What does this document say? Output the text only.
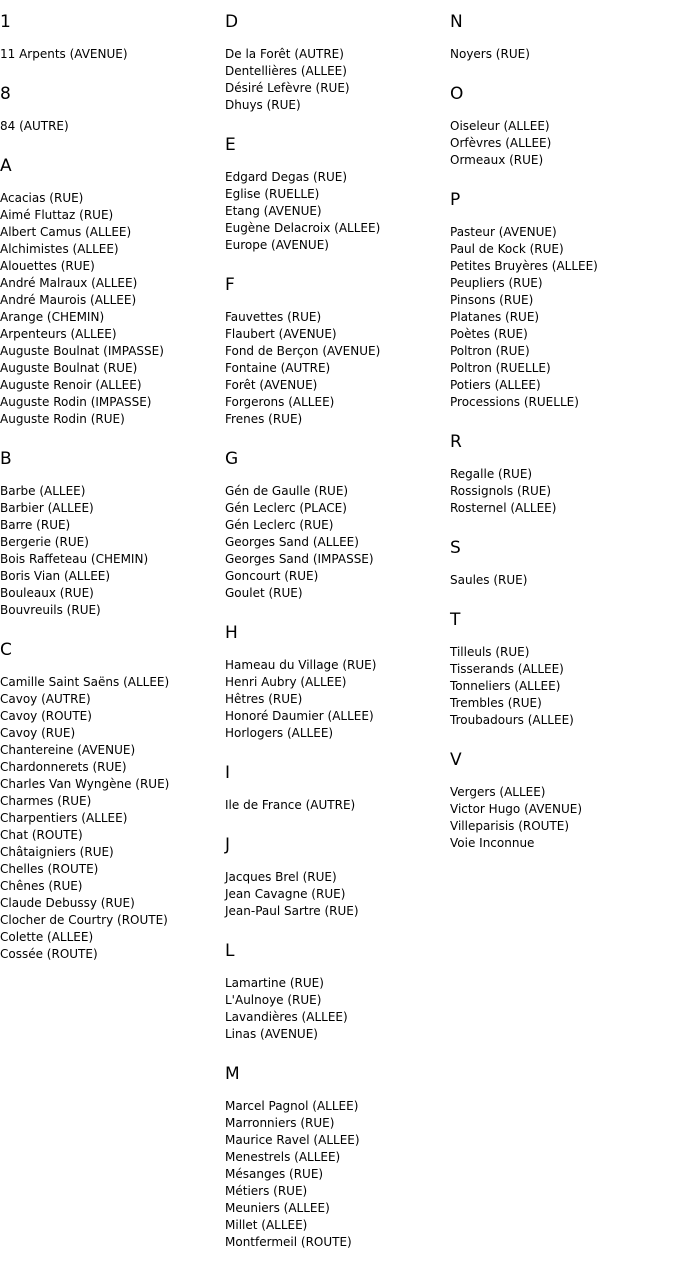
1
11 Arpents (AVENUE)
8
84 (AUTRE)
A
Acacias (RUE)
Aimé Fluttaz (RUE)
Albert Camus (ALLEE)
Alchimistes (ALLEE)
Alouettes (RUE)
André Malraux (ALLEE)
André Maurois (ALLEE)
Arange (CHEMIN)
Arpenteurs (ALLEE)
Auguste Boulnat (IMPASSE)
Auguste Boulnat (RUE)
Auguste Renoir (ALLEE)
Auguste Rodin (IMPASSE)
Auguste Rodin (RUE)
B
Barbe (ALLEE)
Barbier (ALLEE)
Barre (RUE)
Bergerie (RUE)
Bois Raffeteau (CHEMIN)
Boris Vian (ALLEE)
Bouleaux (RUE)
Bouvreuils (RUE)
C
Camille Saint Saëns (ALLEE)
Cavoy (AUTRE)
Cavoy (ROUTE)
Cavoy (RUE)
Chantereine (AVENUE)
Chardonnerets (RUE)
Charles Van Wyngène (RUE)
Charmes (RUE)
Charpentiers (ALLEE)
Chat (ROUTE)
Châtaigniers (RUE)
Chelles (ROUTE)
Chênes (RUE)
Claude Debussy (RUE)
Clocher de Courtry (ROUTE)
Colette (ALLEE)
Cossée (ROUTE)
D
De la Forêt (AUTRE)
Dentellières (ALLEE)
Désiré Lefèvre (RUE)
Dhuys (RUE)
E
Edgard Degas (RUE)
Eglise (RUELLE)
Etang (AVENUE)
Eugène Delacroix (ALLEE)
Europe (AVENUE)
F
Fauvettes (RUE)
Flaubert (AVENUE)
Fond de Berçon (AVENUE)
Fontaine (AUTRE)
Forêt (AVENUE)
Forgerons (ALLEE)
Frenes (RUE)
G
Gén de Gaulle (RUE)
Gén Leclerc (PLACE)
Gén Leclerc (RUE)
Georges Sand (ALLEE)
Georges Sand (IMPASSE)
Goncourt (RUE)
Goulet (RUE)
H
Hameau du Village (RUE)
Henri Aubry (ALLEE)
Hêtres (RUE)
Honoré Daumier (ALLEE)
Horlogers (ALLEE)
I
Ile de France (AUTRE)
J
Jacques Brel (RUE)
Jean Cavagne (RUE)
Jean-Paul Sartre (RUE)
L
Lamartine (RUE)
L'Aulnoye (RUE)
Lavandières (ALLEE)
Linas (AVENUE)
M
Marcel Pagnol (ALLEE)
Marronniers (RUE)
Maurice Ravel (ALLEE)
Menestrels (ALLEE)
Mésanges (RUE)
Métiers (RUE)
Meuniers (ALLEE)
Millet (ALLEE)
Montfermeil (ROUTE)
N
Noyers (RUE)
O
Oiseleur (ALLEE)
Orfèvres (ALLEE)
Ormeaux (RUE)
P
Pasteur (AVENUE)
Paul de Kock (RUE)
Petites Bruyères (ALLEE)
Peupliers (RUE)
Pinsons (RUE)
Platanes (RUE)
Poètes (RUE)
Poltron (RUE)
Poltron (RUELLE)
Potiers (ALLEE)
Processions (RUELLE)
R
Regalle (RUE)
Rossignols (RUE)
Rosternel (ALLEE)
S
Saules (RUE)
T
Tilleuls (RUE)
Tisserands (ALLEE)
Tonneliers (ALLEE)
Trembles (RUE)
Troubadours (ALLEE)
V
Vergers (ALLEE)
Victor Hugo (AVENUE)
Villeparisis (ROUTE)
Voie Inconnue
